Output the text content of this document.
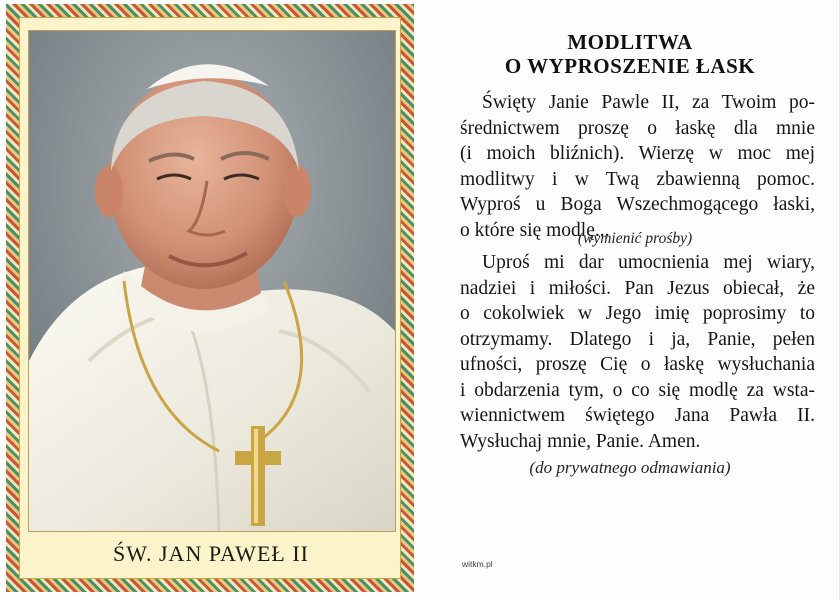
ŚW. JAN PAWEŁ II
MODLITWA
O WYPROSZENIE ŁASK
Święty Janie Pawle II, za Twoim po-
średnictwem proszę o łaskę dla mnie
(i moich bliźnich). Wierzę w moc mej
modlitwy i w Twą zbawienną pomoc.
Wyproś u Boga Wszechmogącego łaski,
o które się modlę...
(wymienić prośby)
Uproś mi dar umocnienia mej wiary,
nadziei i miłości. Pan Jezus obiecał, że
o cokolwiek w Jego imię poprosimy to
otrzymamy. Dlatego i ja, Panie, pełen
ufności, proszę Cię o łaskę wysłuchania
i obdarzenia tym, o co się modlę za wsta-
wiennictwem świętego Jana Pawła II.
Wysłuchaj mnie, Panie. Amen.
(do prywatnego odmawiania)
witkm.pl
